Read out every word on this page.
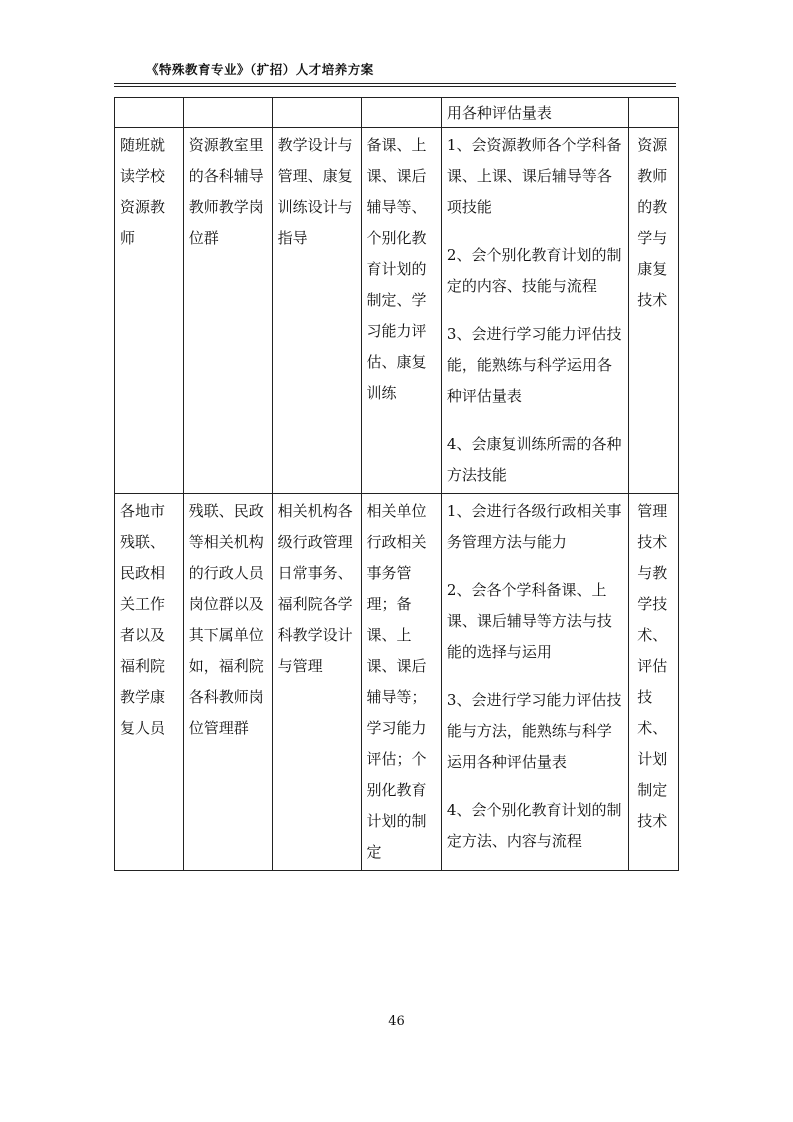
《特殊教育专业》（扩招）人才培养方案
				用各种评估量表	
随班就读学校资源教师	资源教室里的各科辅导教师教学岗位群	教学设计与管理、康复训练设计与指导	备课、上课、课后辅导等、个别化教育计划的制定、学习能力评估、康复训练	1、会资源教师各个学科备课、上课、课后辅导等各项技能

2、会个别化教育计划的制定的内容、技能与流程

3、会进行学习能力评估技能，能熟练与科学运用各种评估量表

4、会康复训练所需的各种方法技能	资源教师的教学与康复技术
各地市残联、民政相关工作者以及福利院教学康复人员	残联、民政等相关机构的行政人员岗位群以及其下属单位如，福利院各科教师岗位管理群	相关机构各级行政管理日常事务、福利院各学科教学设计与管理	相关单位行政相关事务管理；备课、上课、课后辅导等；学习能力评估；个别化教育计划的制定	1、会进行各级行政相关事务管理方法与能力

2、会各个学科备课、上课、课后辅导等方法与技能的选择与运用

3、会进行学习能力评估技能与方法，能熟练与科学运用各种评估量表

4、会个别化教育计划的制定方法、内容与流程	管理技术与教学技术、评估技术、计划制定技术
46
